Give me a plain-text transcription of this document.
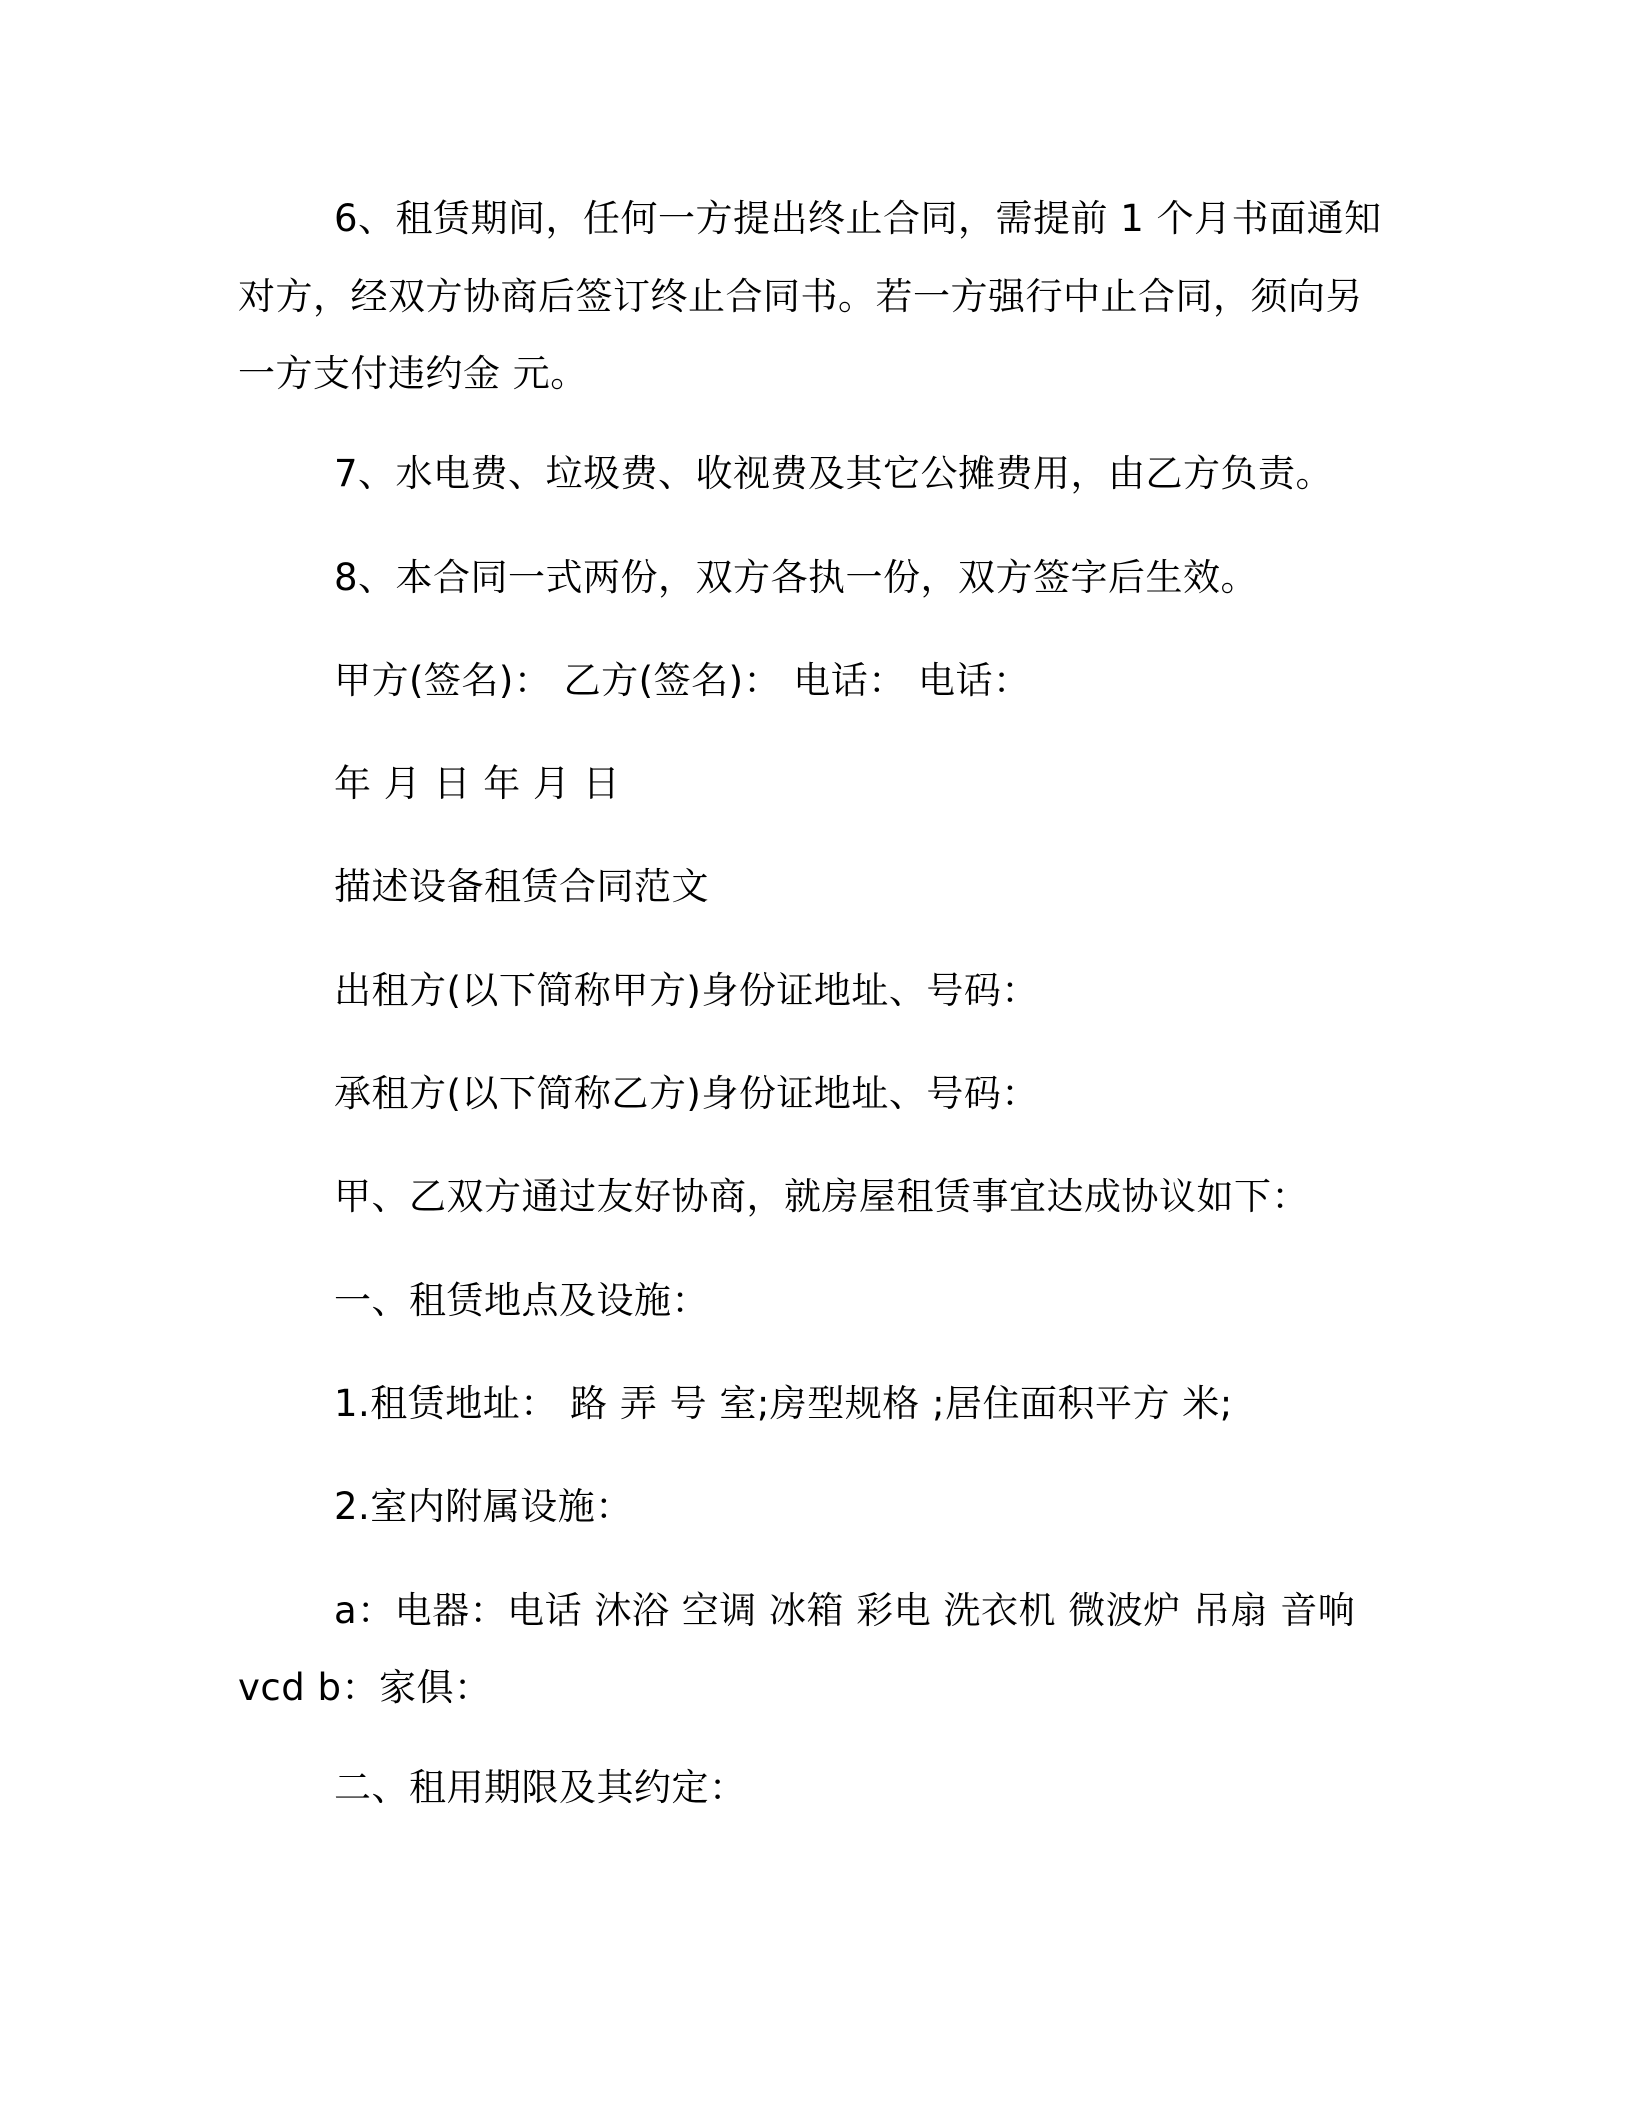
6、租赁期间，任何一方提出终止合同，需提前 1 个月书面通知
对方，经双方协商后签订终止合同书。若一方强行中止合同，须向另
一方支付违约金 元。
7、水电费、垃圾费、收视费及其它公摊费用，由乙方负责。
8、本合同一式两份，双方各执一份，双方签字后生效。
甲方(签名)： 乙方(签名)： 电话： 电话：
年 月 日 年 月 日
描述设备租赁合同范文
出租方(以下简称甲方)身份证地址、号码：
承租方(以下简称乙方)身份证地址、号码：
甲、乙双方通过友好协商，就房屋租赁事宜达成协议如下：
一、租赁地点及设施：
1.租赁地址： 路 弄 号 室;房型规格 ;居住面积平方 米;
2.室内附属设施：
a：电器：电话 沐浴 空调 冰箱 彩电 洗衣机 微波炉 吊扇 音响
vcd b：家俱：
二、租用期限及其约定：
